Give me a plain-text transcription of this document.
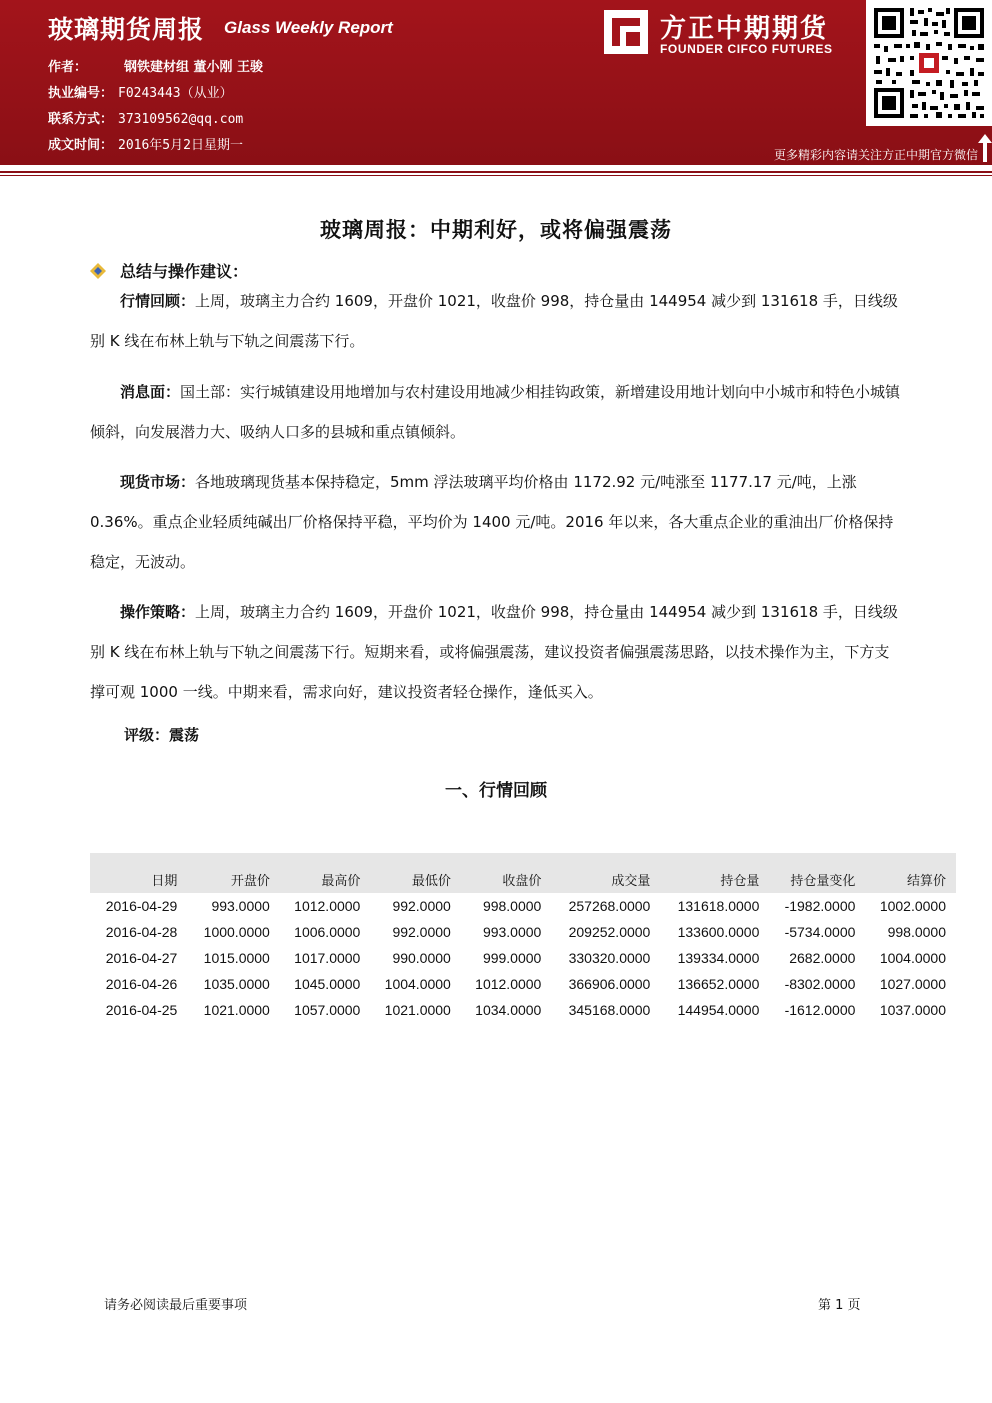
玻璃期货周报 Glass Weekly Report
作者：	钢铁建材组 董小刚 王骏
执业编号： F0243443（从业）
联系方式： 373109562@qq.com
成文时间： 2016年5月2日星期一
方正中期期货
FOUNDER CIFCO FUTURES
更多精彩内容请关注方正中期官方微信
玻璃周报：中期利好，或将偏强震荡
总结与操作建议：
行情回顾：上周，玻璃主力合约 1609，开盘价 1021，收盘价 998，持仓量由 144954 减少到 131618 手，日线级别 K 线在布林上轨与下轨之间震荡下行。
消息面：国土部：实行城镇建设用地增加与农村建设用地减少相挂钩政策，新增建设用地计划向中小城市和特色小城镇倾斜，向发展潜力大、吸纳人口多的县城和重点镇倾斜。
现货市场：各地玻璃现货基本保持稳定，5mm 浮法玻璃平均价格由 1172.92 元/吨涨至 1177.17 元/吨，上涨 0.36%。重点企业轻质纯碱出厂价格保持平稳，平均价为 1400 元/吨。2016 年以来，各大重点企业的重油出厂价格保持稳定，无波动。
操作策略：上周，玻璃主力合约 1609，开盘价 1021，收盘价 998，持仓量由 144954 减少到 131618 手，日线级别 K 线在布林上轨与下轨之间震荡下行。短期来看，或将偏强震荡，建议投资者偏强震荡思路，以技术操作为主，下方支撑可观 1000 一线。中期来看，需求向好，建议投资者轻仓操作，逢低买入。
评级：震荡
一、行情回顾
日期	开盘价	最高价	最低价	收盘价	成交量	持仓量	持仓量变化	结算价
2016-04-29	993.0000	1012.0000	992.0000	998.0000	257268.0000	131618.0000	-1982.0000	1002.0000
2016-04-28	1000.0000	1006.0000	992.0000	993.0000	209252.0000	133600.0000	-5734.0000	998.0000
2016-04-27	1015.0000	1017.0000	990.0000	999.0000	330320.0000	139334.0000	2682.0000	1004.0000
2016-04-26	1035.0000	1045.0000	1004.0000	1012.0000	366906.0000	136652.0000	-8302.0000	1027.0000
2016-04-25	1021.0000	1057.0000	1021.0000	1034.0000	345168.0000	144954.0000	-1612.0000	1037.0000
请务必阅读最后重要事项	第 1 页
